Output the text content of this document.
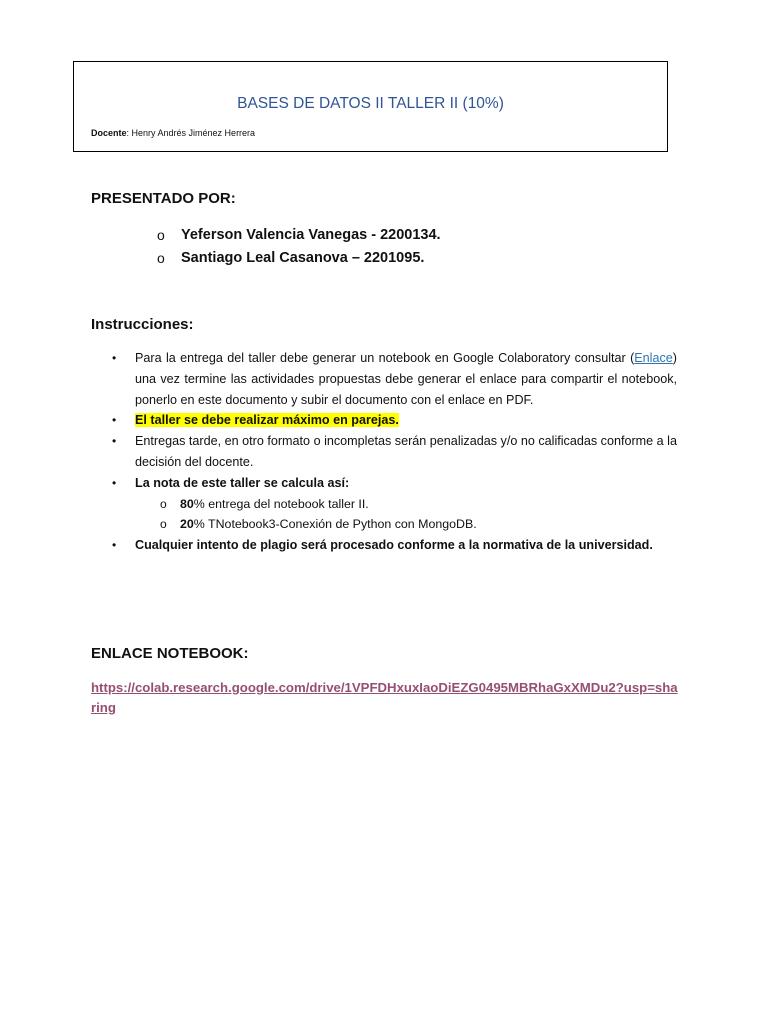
BASES DE DATOS II TALLER II (10%)
Docente: Henry Andrés Jiménez Herrera
PRESENTADO POR:
o Yeferson Valencia Vanegas - 2200134.
o Santiago Leal Casanova – 2201095.
Instrucciones:
• Para la entrega del taller debe generar un notebook en Google Colaboratory consultar (Enlace) una vez termine las actividades propuestas debe generar el enlace para compartir el notebook, ponerlo en este documento y subir el documento con el enlace en PDF.
• El taller se debe realizar máximo en parejas.
• Entregas tarde, en otro formato o incompletas serán penalizadas y/o no calificadas conforme a la decisión del docente.
• La nota de este taller se calcula así:
o 80% entrega del notebook taller II.
o 20% TNotebook3-Conexión de Python con MongoDB.
• Cualquier intento de plagio será procesado conforme a la normativa de la universidad.
ENLACE NOTEBOOK:
https://colab.research.google.com/drive/1VPFDHxuxIaoDiEZG0495MBRhaGxXMDu2?usp=sharing
